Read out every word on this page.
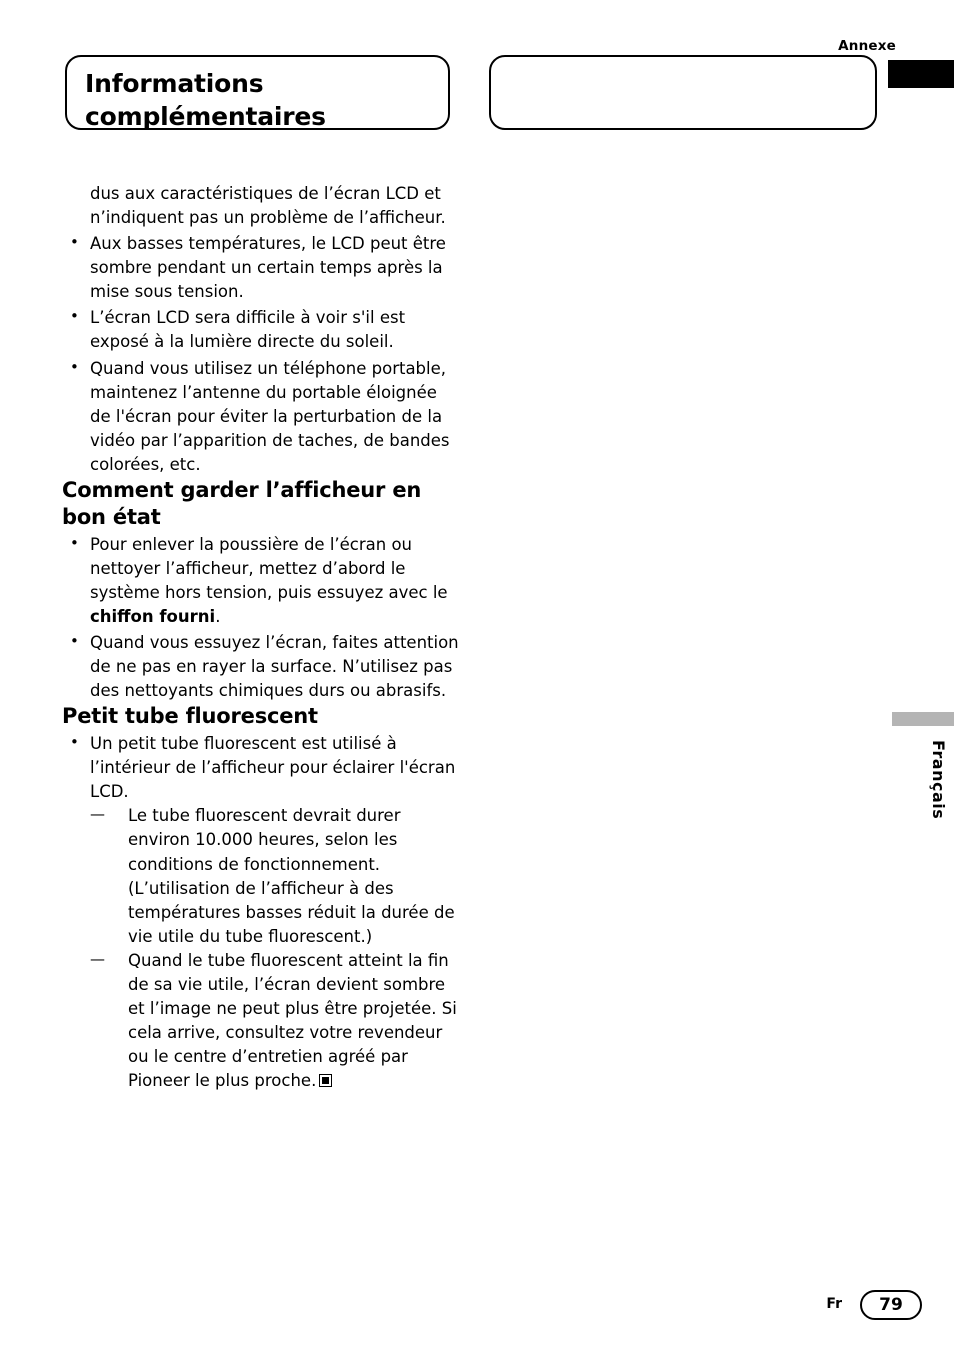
Annexe
Informations
complémentaires

dus aux caractéristiques de l’écran LCD et n’indiquent pas un problème de l’afficheur.

• Aux basses températures, le LCD peut être sombre pendant un certain temps après la mise sous tension.
• L’écran LCD sera difficile à voir s'il est exposé à la lumière directe du soleil.
• Quand vous utilisez un téléphone portable, maintenez l’antenne du portable éloignée de l'écran pour éviter la perturbation de la vidéo par l’apparition de taches, de bandes colorées, etc.
Comment garder l’afficheur en
bon état
• Pour enlever la poussière de l’écran ou nettoyer l’afficheur, mettez d’abord le système hors tension, puis essuyez avec le chiffon fourni.
• Quand vous essuyez l’écran, faites attention de ne pas en rayer la surface. N’utilisez pas des nettoyants chimiques durs ou abrasifs.
Petit tube fluorescent
• Un petit tube fluorescent est utilisé à l’intérieur de l’afficheur pour éclairer l'écran LCD.
— Le tube fluorescent devrait durer environ 10.000 heures, selon les conditions de fonctionnement. (L’utilisation de l’afficheur à des températures basses réduit la durée de vie utile du tube fluorescent.)
— Quand le tube fluorescent atteint la fin de sa vie utile, l’écran devient sombre et l’image ne peut plus être projetée. Si cela arrive, consultez votre revendeur ou le centre d’entretien agréé par Pioneer le plus proche.
Français
Fr	79
